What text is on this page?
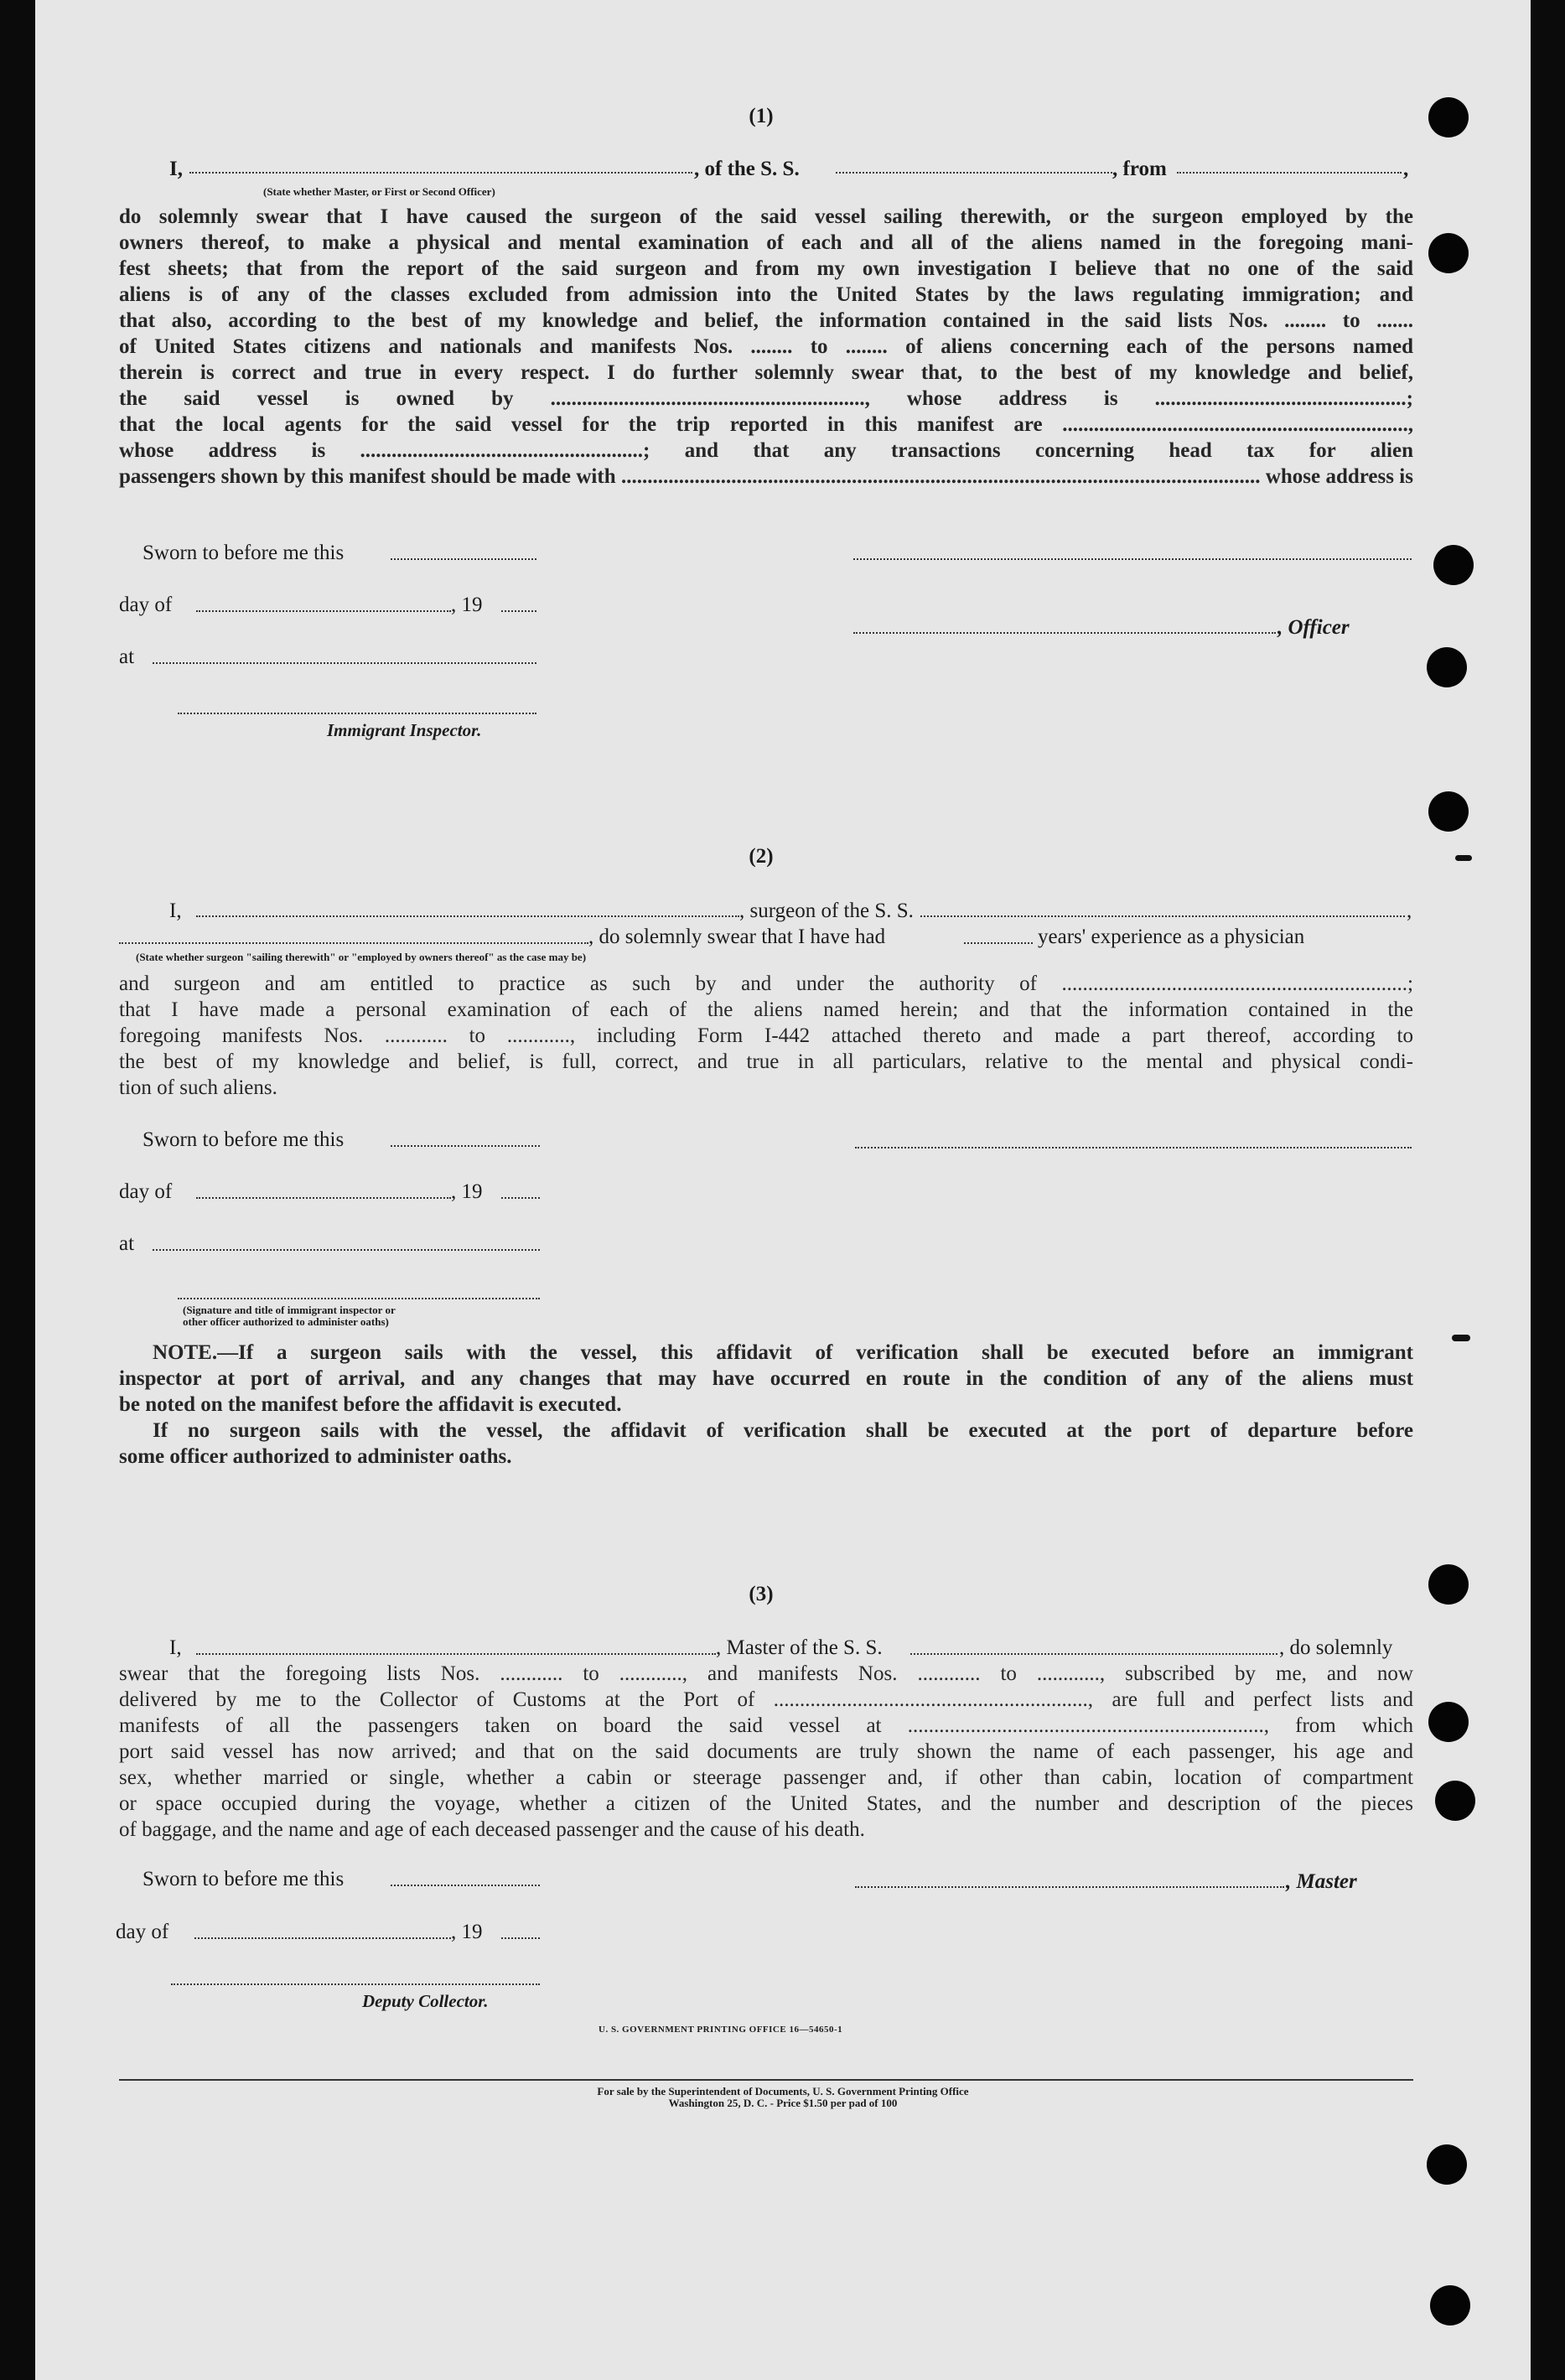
(1)
I,	, of the S. S.	, from	,
(State whether Master, or First or Second Officer)
do solemnly swear that I have caused the surgeon of the said vessel sailing therewith, or the surgeon employed by the
owners thereof, to make a physical and mental examination of each and all of the aliens named in the foregoing mani-
fest sheets; that from the report of the said surgeon and from my own investigation I believe that no one of the said
aliens is of any of the classes excluded from admission into the United States by the laws regulating immigration; and
that also, according to the best of my knowledge and belief, the information contained in the said lists Nos. ........ to .......
of United States citizens and nationals and manifests Nos. ........ to ........ of aliens concerning each of the persons named
therein is correct and true in every respect. I do further solemnly swear that, to the best of my knowledge and belief,
the said vessel is owned by ............................................................, whose address is ................................................;
that the local agents for the said vessel for the trip reported in this manifest are ..................................................................,
whose address is ......................................................; and that any transactions concerning head tax for alien
passengers shown by this manifest should be made with .......................................................................................................................... whose address is
Sworn to before me this
day of	, 19
, Officer
at
Immigrant Inspector.
(2)
I,	, surgeon of the S. S.	,
, do solemnly swear that I have had	years' experience as a physician
(State whether surgeon "sailing therewith" or "employed by owners thereof" as the case may be)
and surgeon and am entitled to practice as such by and under the authority of ..................................................................;
that I have made a personal examination of each of the aliens named herein; and that the information contained in the
foregoing manifests Nos. ............ to ............, including Form I-442 attached thereto and made a part thereof, according to
the best of my knowledge and belief, is full, correct, and true in all particulars, relative to the mental and physical condi-
tion of such aliens.
Sworn to before me this
day of	, 19
at
(Signature and title of immigrant inspector or
other officer authorized to administer oaths)
NOTE.—If a surgeon sails with the vessel, this affidavit of verification shall be executed before an immigrant
inspector at port of arrival, and any changes that may have occurred en route in the condition of any of the aliens must
be noted on the manifest before the affidavit is executed.
If no surgeon sails with the vessel, the affidavit of verification shall be executed at the port of departure before
some officer authorized to administer oaths.
(3)
I,	, Master of the S. S.	, do solemnly
swear that the foregoing lists Nos. ............ to ............, and manifests Nos. ............ to ............, subscribed by me, and now
delivered by me to the Collector of Customs at the Port of ............................................................, are full and perfect lists and
manifests of all the passengers taken on board the said vessel at ...................................................................., from which
port said vessel has now arrived; and that on the said documents are truly shown the name of each passenger, his age and
sex, whether married or single, whether a cabin or steerage passenger and, if other than cabin, location of compartment
or space occupied during the voyage, whether a citizen of the United States, and the number and description of the pieces
of baggage, and the name and age of each deceased passenger and the cause of his death.
Sworn to before me this	, Master
day of	, 19
Deputy Collector.
U. S. GOVERNMENT PRINTING OFFICE 16—54650-1
For sale by the Superintendent of Documents, U. S. Government Printing Office
Washington 25, D. C. - Price $1.50 per pad of 100
